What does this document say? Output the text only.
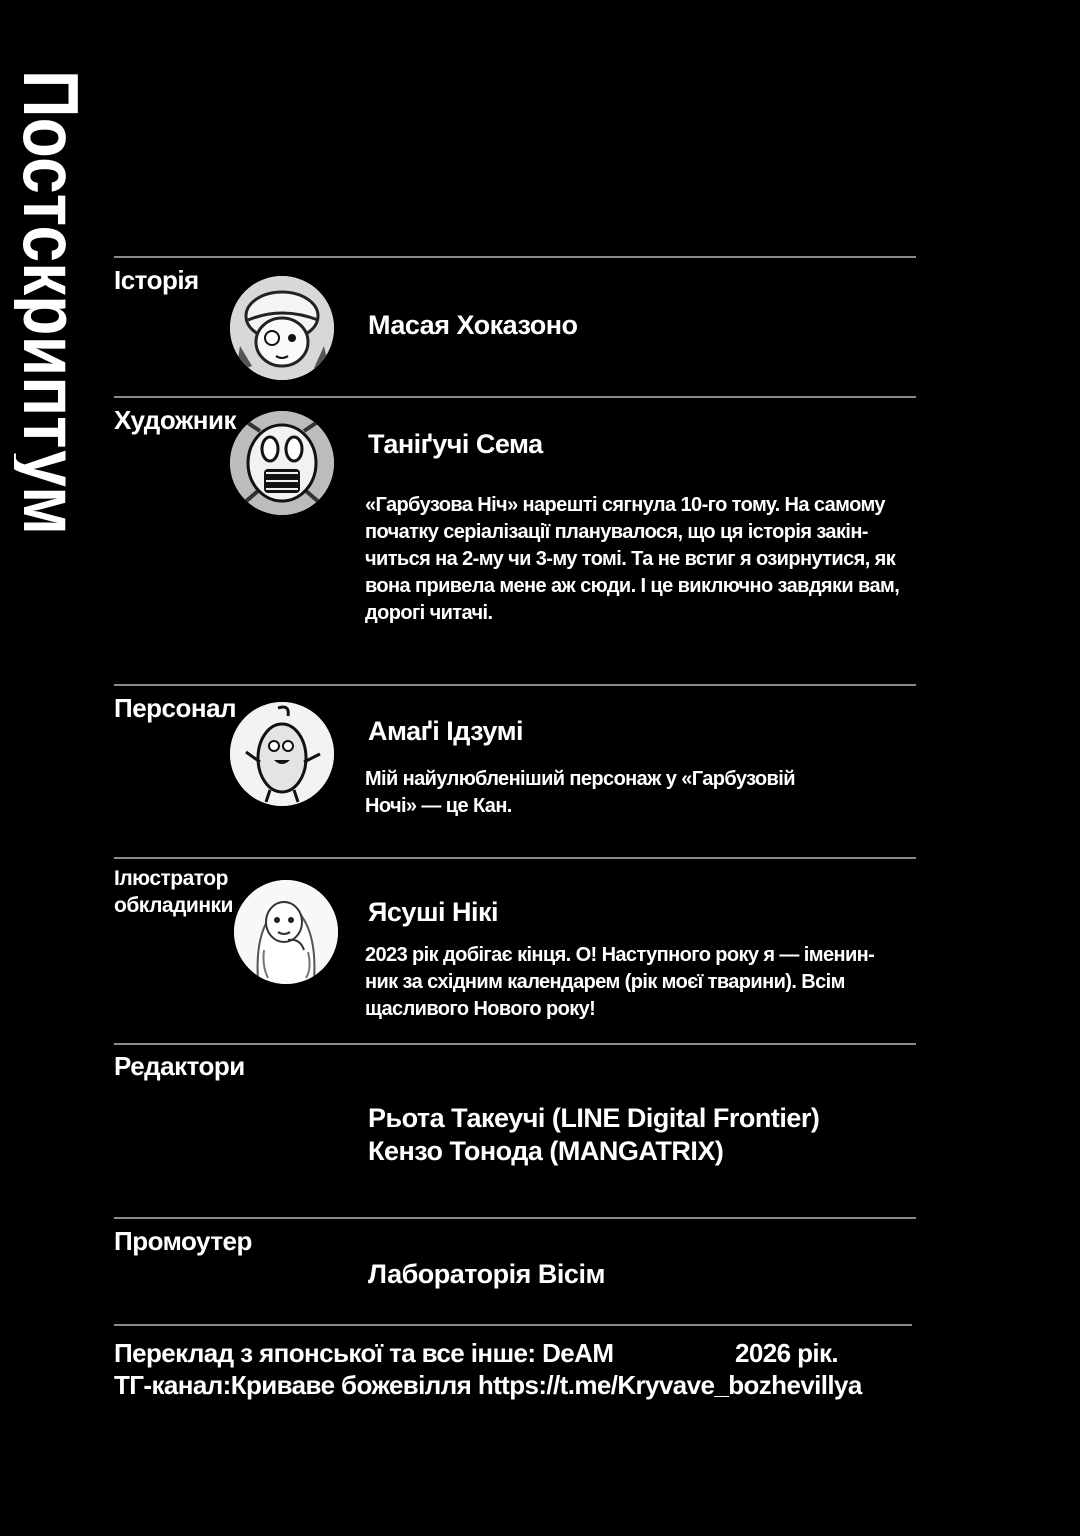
Постскриптум Історія
Масая Хоказоно
Художник
Таніґучі Сема
«Гарбузова Ніч» нарешті сягнула 10-го тому. На самому
початку серіалізації планувалося, що ця історія закін-
читься на 2-му чи 3-му томі. Та не встиг я озирнутися, як
вона привела мене аж сюди. І це виключно завдяки вам,
дорогі читачі.
Персонал
Амаґі Ідзумі
Мій найулюбленіший персонаж у «Гарбузовій
Ночі» — це Кан.
Ілюстратор
обкладинки	Ясуші Нікі
2023 рік добігає кінця. О! Наступного року я — іменин-
ник за східним календарем (рік моєї тварини). Всім
щасливого Нового року!
Редактори
Рьота Такеучі (LINE Digital Frontier)
Кензо Тонода (MANGATRIX)
Промоутер
Лабораторія Вісім
Переклад з японської та все інше: DeAM	2026 рік.
ТГ-канал:Криваве божевілля https://t.me/Kryvave_bozhevillya
